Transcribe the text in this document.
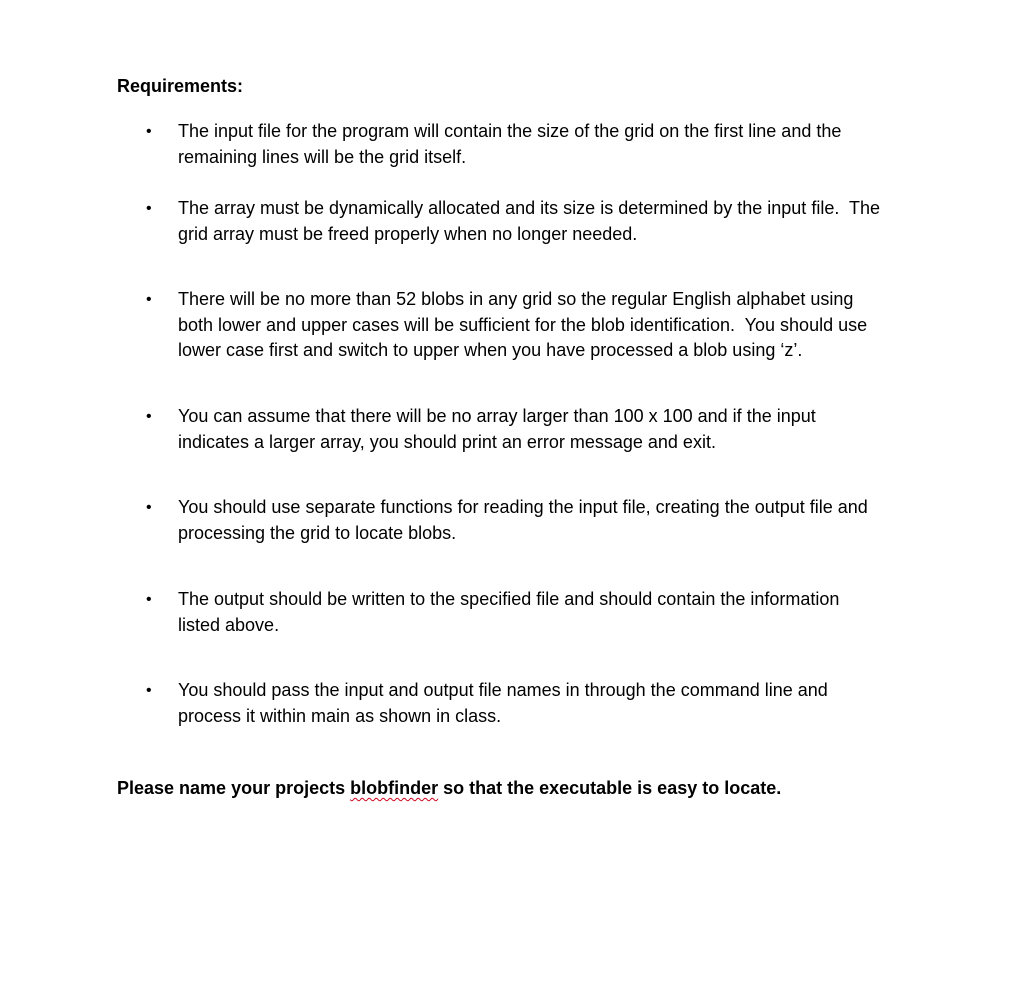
Requirements:
• The input file for the program will contain the size of the grid on the first line and the
remaining lines will be the grid itself.
• The array must be dynamically allocated and its size is determined by the input file.  The
grid array must be freed properly when no longer needed.
• There will be no more than 52 blobs in any grid so the regular English alphabet using
both lower and upper cases will be sufficient for the blob identification.  You should use
lower case first and switch to upper when you have processed a blob using ‘z’.
• You can assume that there will be no array larger than 100 x 100 and if the input
indicates a larger array, you should print an error message and exit.
• You should use separate functions for reading the input file, creating the output file and
processing the grid to locate blobs.
• The output should be written to the specified file and should contain the information
listed above.
• You should pass the input and output file names in through the command line and
process it within main as shown in class.
Please name your projects blobfinder so that the executable is easy to locate.
